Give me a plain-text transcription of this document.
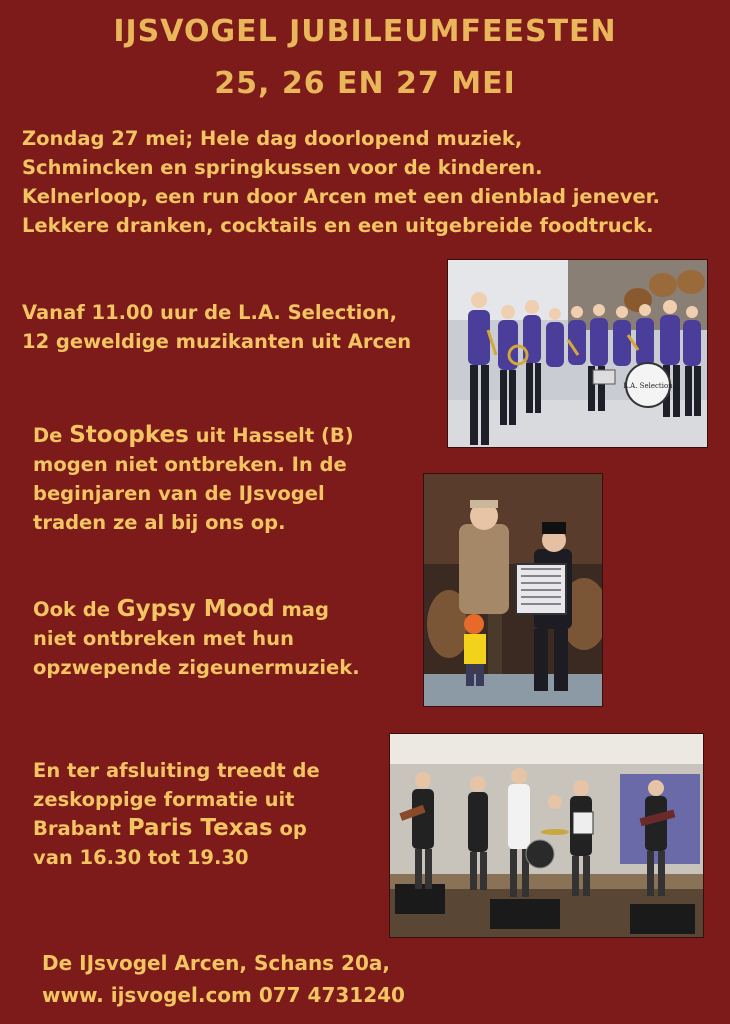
IJSVOGEL JUBILEUMFEESTEN
25, 26 EN 27 MEI
Zondag 27 mei; Hele dag doorlopend muziek,
Schmincken en springkussen voor de kinderen.
Kelnerloop, een run door Arcen met een dienblad jenever.
Lekkere dranken, cocktails en een uitgebreide foodtruck.
Vanaf 11.00 uur de L.A. Selection,
12 geweldige muzikanten uit Arcen
L.A. Selection
De Stoopkes uit Hasselt (B)
mogen niet ontbreken. In de
beginjaren van de IJsvogel
traden ze al bij ons op.
Ook de Gypsy Mood mag
niet ontbreken met hun
opzwepende zigeunermuziek.
En ter afsluiting treedt de
zeskoppige formatie uit
Brabant Paris Texas op
van 16.30 tot 19.30
De IJsvogel Arcen, Schans 20a,
www. ijsvogel.com 077 4731240
